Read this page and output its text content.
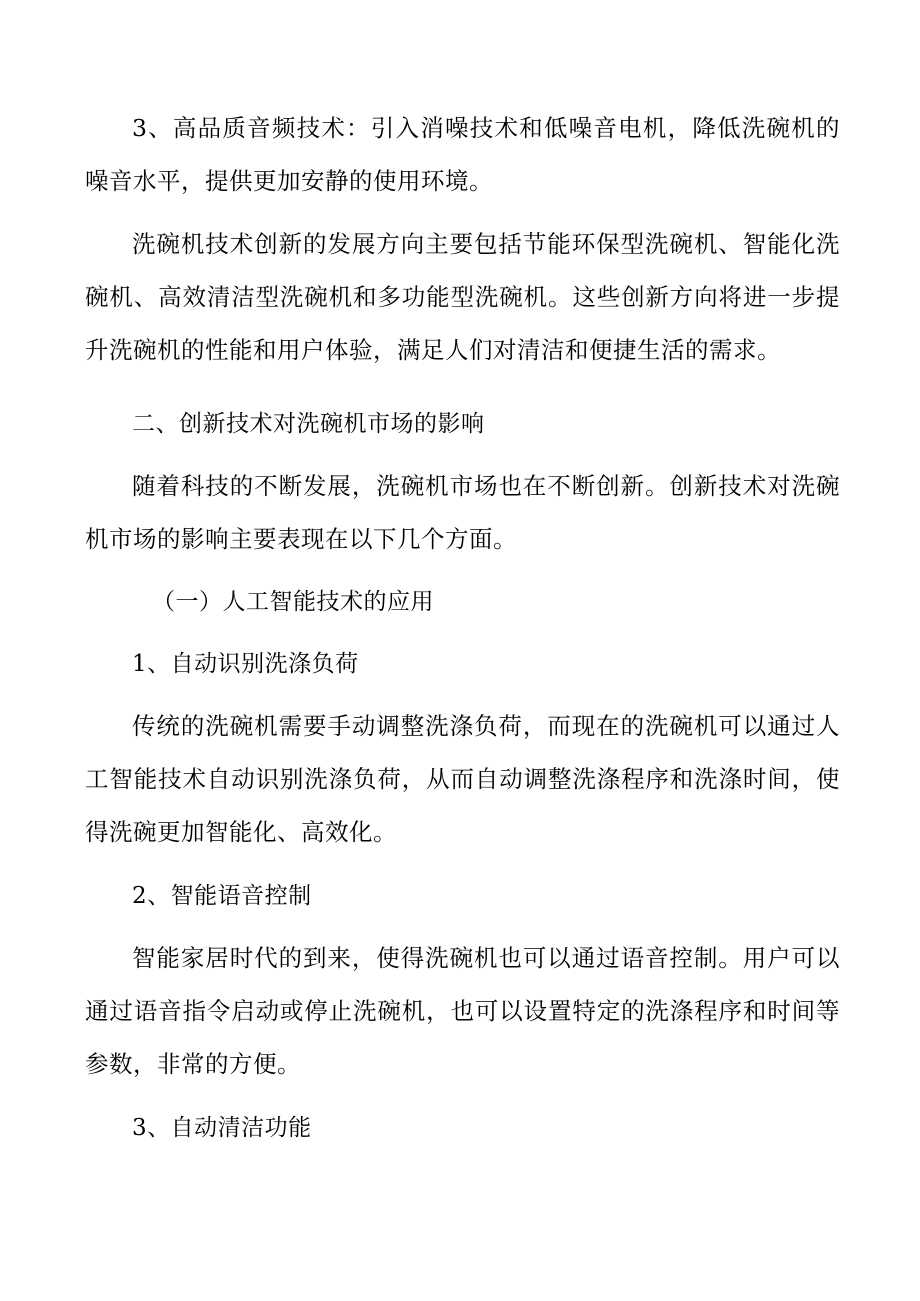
3、高品质音频技术：引入消噪技术和低噪音电机，降低洗碗机的噪音水平，提供更加安静的使用环境。

洗碗机技术创新的发展方向主要包括节能环保型洗碗机、智能化洗碗机、高效清洁型洗碗机和多功能型洗碗机。这些创新方向将进一步提升洗碗机的性能和用户体验，满足人们对清洁和便捷生活的需求。

二、创新技术对洗碗机市场的影响

随着科技的不断发展，洗碗机市场也在不断创新。创新技术对洗碗机市场的影响主要表现在以下几个方面。

（一）人工智能技术的应用

1、自动识别洗涤负荷

传统的洗碗机需要手动调整洗涤负荷，而现在的洗碗机可以通过人工智能技术自动识别洗涤负荷，从而自动调整洗涤程序和洗涤时间，使得洗碗更加智能化、高效化。

2、智能语音控制

智能家居时代的到来，使得洗碗机也可以通过语音控制。用户可以通过语音指令启动或停止洗碗机，也可以设置特定的洗涤程序和时间等参数，非常的方便。

3、自动清洁功能
